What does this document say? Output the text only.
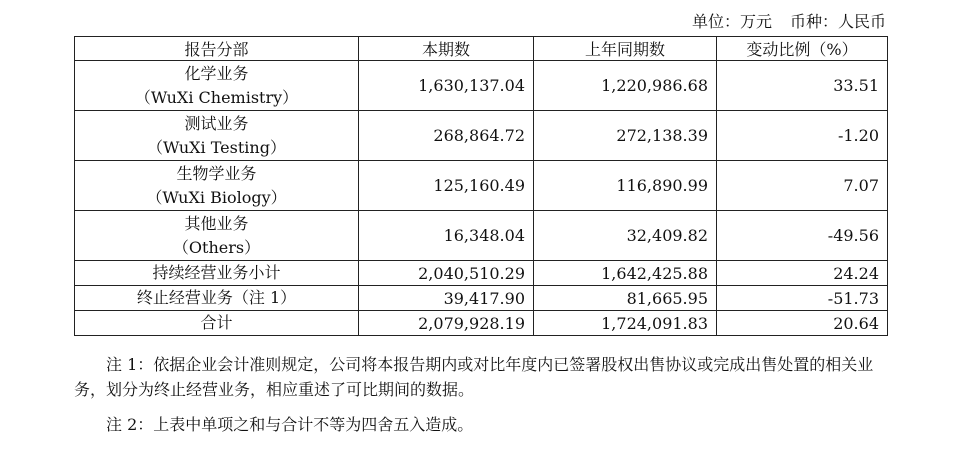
单位：万元 币种：人民币
报告分部	本期数	上年同期数	变动比例（%）
化学业务
（WuXi Chemistry）	1,630,137.04	1,220,986.68	33.51
测试业务
（WuXi Testing）	268,864.72	272,138.39	-1.20
生物学业务
（WuXi Biology）	125,160.49	116,890.99	7.07
其他业务
（Others）	16,348.04	32,409.82	-49.56
持续经营业务小计	2,040,510.29	1,642,425.88	24.24
终止经营业务（注 1）	39,417.90	81,665.95	-51.73
合计	2,079,928.19	1,724,091.83	20.64

注 1：依据企业会计准则规定，公司将本报告期内或对比年度内已签署股权出售协议或完成出售处置的相关业务，划分为终止经营业务，相应重述了可比期间的数据。

注 2：上表中单项之和与合计不等为四舍五入造成。
